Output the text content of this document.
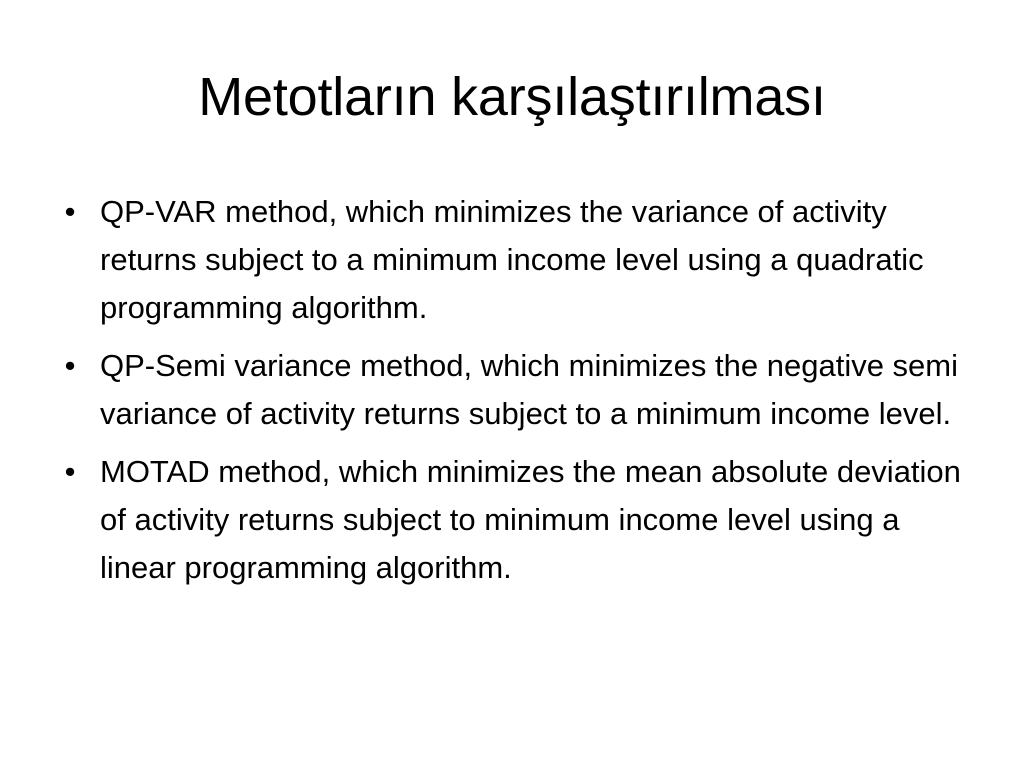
Metotların karşılaştırılması
• QP-VAR method, which minimizes the variance of activity returns subject to a minimum income level using a quadratic programming algorithm.
• QP-Semi variance method, which minimizes the negative semi variance of activity returns subject to a minimum income level.
• MOTAD method, which minimizes the mean absolute deviation of activity returns subject to minimum income level using a linear programming algorithm.
